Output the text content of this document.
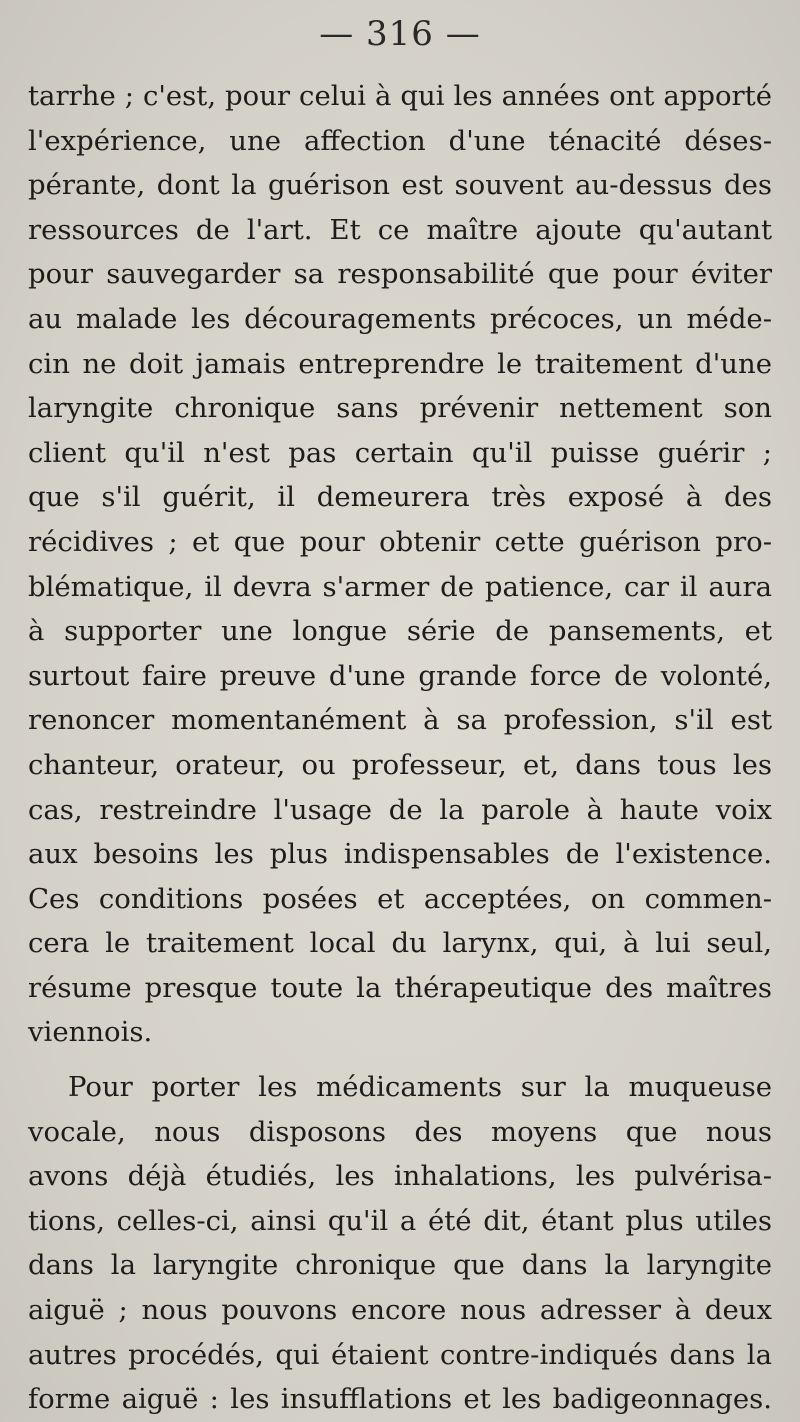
— 316 —
tarrhe ; c'est, pour celui à qui les années ont apporté
l'expérience, une affection d'une ténacité déses-
pérante, dont la guérison est souvent au-dessus des
ressources de l'art. Et ce maître ajoute qu'autant
pour sauvegarder sa responsabilité que pour éviter
au malade les découragements précoces, un méde-
cin ne doit jamais entreprendre le traitement d'une
laryngite chronique sans prévenir nettement son
client qu'il n'est pas certain qu'il puisse guérir ;
que s'il guérit, il demeurera très exposé à des
récidives ; et que pour obtenir cette guérison pro-
blématique, il devra s'armer de patience, car il aura
à supporter une longue série de pansements, et
surtout faire preuve d'une grande force de volonté,
renoncer momentanément à sa profession, s'il est
chanteur, orateur, ou professeur, et, dans tous les
cas, restreindre l'usage de la parole à haute voix
aux besoins les plus indispensables de l'existence.
Ces conditions posées et acceptées, on commen-
cera le traitement local du larynx, qui, à lui seul,
résume presque toute la thérapeutique des maîtres
viennois.
Pour porter les médicaments sur la muqueuse
vocale, nous disposons des moyens que nous
avons déjà étudiés, les inhalations, les pulvérisa-
tions, celles-ci, ainsi qu'il a été dit, étant plus utiles
dans la laryngite chronique que dans la laryngite
aiguë ; nous pouvons encore nous adresser à deux
autres procédés, qui étaient contre-indiqués dans la
forme aiguë : les insufflations et les badigeonnages.
